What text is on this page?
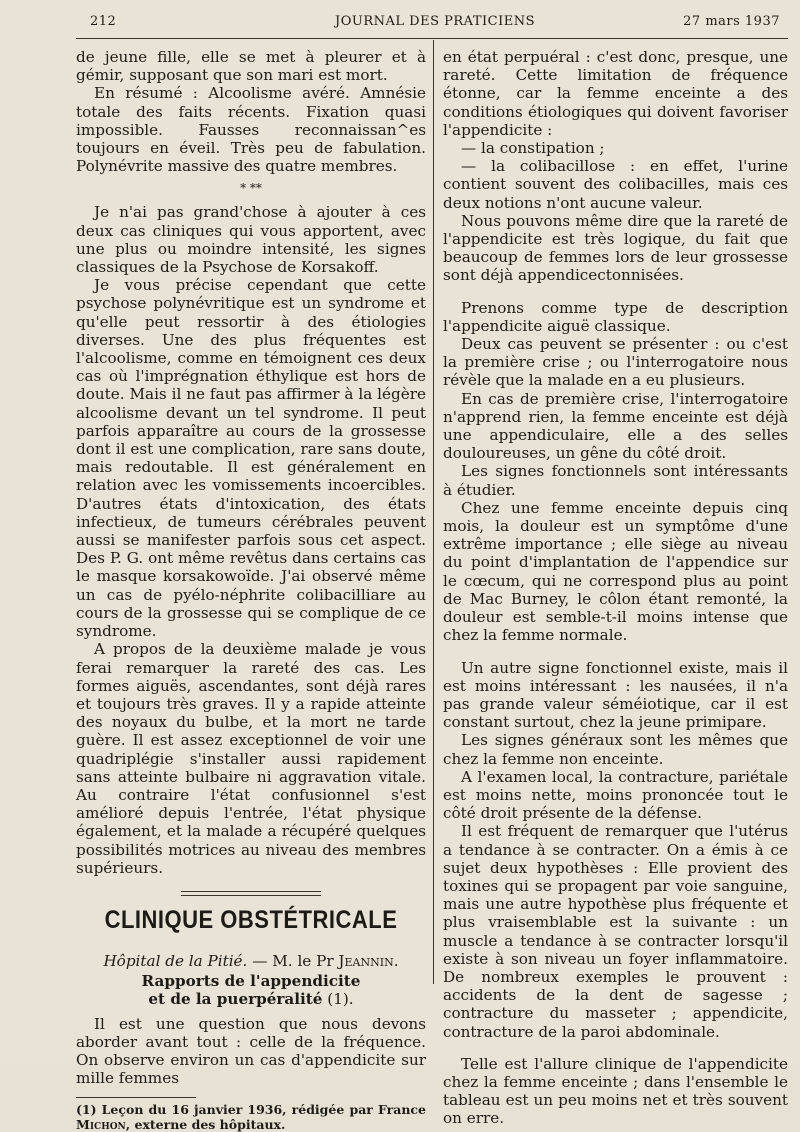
212	JOURNAL DES PRATICIENS	27 mars 1937

de jeune fille, elle se met à pleurer et à gémir, supposant que son mari est mort.

En résumé : Alcoolisme avéré. Amnésie totale des faits récents. Fixation quasi impossible. Fausses reconnaissan^es toujours en éveil. Très peu de fabulation. Polynévrite massive des quatre membres.

* **

Je n'ai pas grand'chose à ajouter à ces deux cas cliniques qui vous apportent, avec une plus ou moindre intensité, les signes classiques de la Psychose de Korsakoff.

Je vous précise cependant que cette psychose polynévritique est un syndrome et qu'elle peut ressortir à des étiologies diverses. Une des plus fréquentes est l'alcoolisme, comme en témoignent ces deux cas où l'imprégnation éthylique est hors de doute. Mais il ne faut pas affirmer à la légère alcoolisme devant un tel syndrome. Il peut parfois apparaître au cours de la grossesse dont il est une complication, rare sans doute, mais redoutable. Il est généralement en relation avec les vomissements incoercibles. D'autres états d'intoxication, des états infectieux, de tumeurs cérébrales peuvent aussi se manifester parfois sous cet aspect. Des P. G. ont même revêtus dans certains cas le masque korsakowoïde. J'ai observé même un cas de pyélo-néphrite colibacilliare au cours de la grossesse qui se complique de ce syndrome.

A propos de la deuxième malade je vous ferai remarquer la rareté des cas. Les formes aiguës, ascendantes, sont déjà rares et toujours très graves. Il y a rapide atteinte des noyaux du bulbe, et la mort ne tarde guère. Il est assez exceptionnel de voir une quadriplégie s'installer aussi rapidement sans atteinte bulbaire ni aggravation vitale. Au contraire l'état confusionnel s'est amélioré depuis l'entrée, l'état physique également, et la malade a récupéré quelques possibilités motrices au niveau des membres supérieurs.

CLINIQUE OBSTÉTRICALE
Hôpital de la Pitié. — M. le Pr Jeannin.
Rapports de l'appendicite
et de la puerpéralité (1).

Il est une question que nous devons aborder avant tout : celle de la fréquence. On observe environ un cas d'appendicite sur mille femmes

(1) Leçon du 16 janvier 1936, rédigée par France Michon, externe des hôpitaux.

en état perpuéral : c'est donc, presque, une rareté. Cette limitation de fréquence étonne, car la femme enceinte a des conditions étiologiques qui doivent favoriser l'appendicite :

— la constipation ;

— la colibacillose : en effet, l'urine contient souvent des colibacilles, mais ces deux notions n'ont aucune valeur.

Nous pouvons même dire que la rareté de l'appendicite est très logique, du fait que beaucoup de femmes lors de leur grossesse sont déjà appendicectonnisées.

Prenons comme type de description l'appendicite aiguë classique.

Deux cas peuvent se présenter : ou c'est la première crise ; ou l'interrogatoire nous révèle que la malade en a eu plusieurs.

En cas de première crise, l'interrogatoire n'apprend rien, la femme enceinte est déjà une appendiculaire, elle a des selles douloureuses, un gêne du côté droit.

Les signes fonctionnels sont intéressants à étudier.

Chez une femme enceinte depuis cinq mois, la douleur est un symptôme d'une extrême importance ; elle siège au niveau du point d'implantation de l'appendice sur le cœcum, qui ne correspond plus au point de Mac Burney, le côlon étant remonté, la douleur est semble-t-il moins intense que chez la femme normale.

Un autre signe fonctionnel existe, mais il est moins intéressant : les nausées, il n'a pas grande valeur séméiotique, car il est constant surtout, chez la jeune primipare.

Les signes généraux sont les mêmes que chez la femme non enceinte.

A l'examen local, la contracture, pariétale est moins nette, moins prononcée tout le côté droit présente de la défense.

Il est fréquent de remarquer que l'utérus a tendance à se contracter. On a émis à ce sujet deux hypothèses : Elle provient des toxines qui se propagent par voie sanguine, mais une autre hypothèse plus fréquente et plus vraisemblable est la suivante : un muscle a tendance à se contracter lorsqu'il existe à son niveau un foyer inflammatoire. De nombreux exemples le prouvent : accidents de la dent de sagesse ; contracture du masseter ; appendicite, contracture de la paroi abdominale.

Telle est l'allure clinique de l'appendicite chez la femme enceinte ; dans l'ensemble le tableau est un peu moins net et très souvent on erre.
